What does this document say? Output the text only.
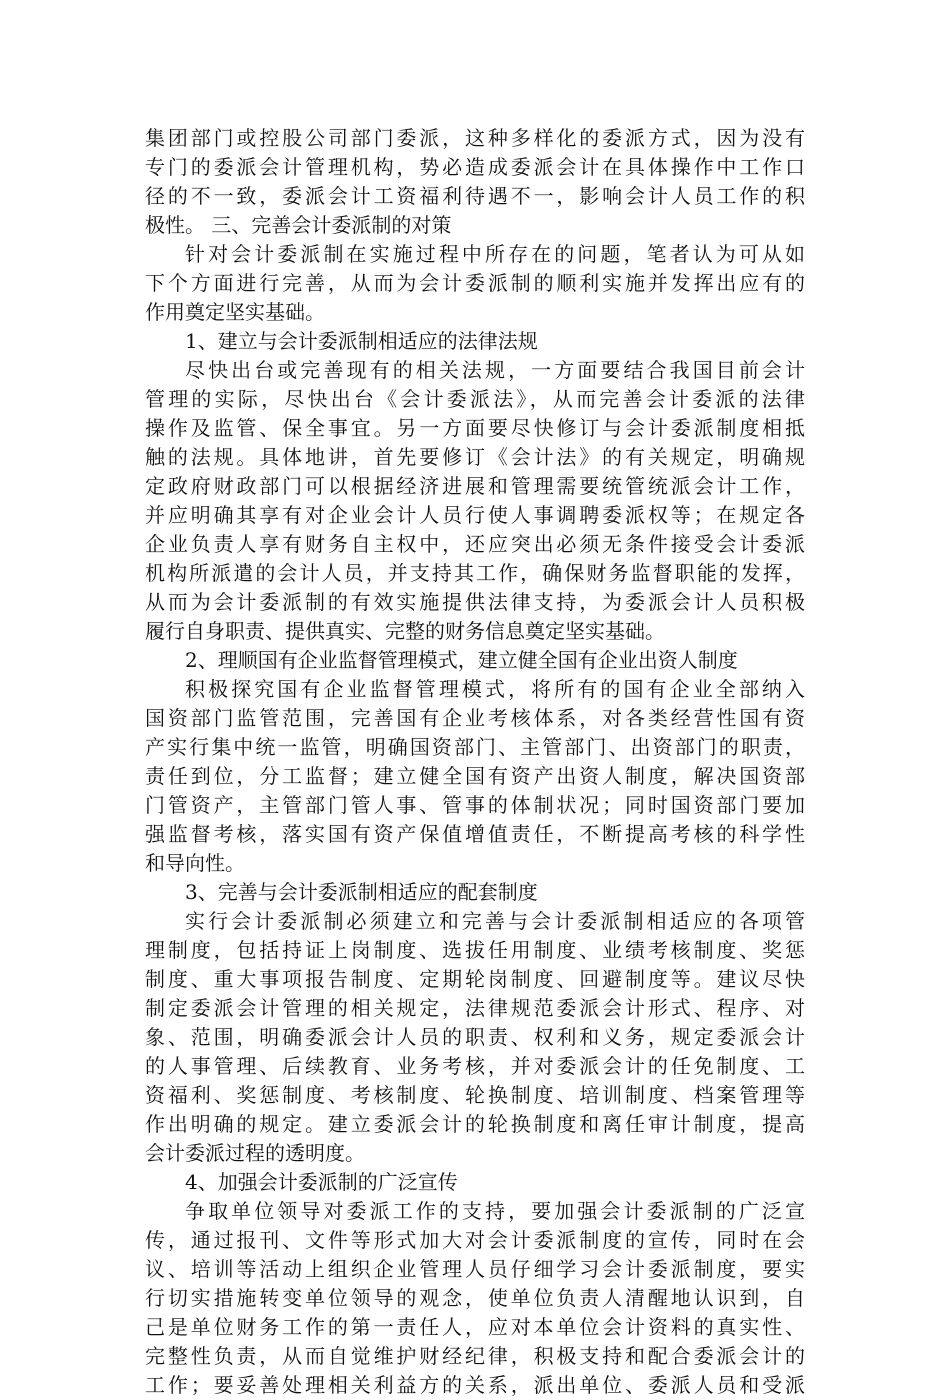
集团部门或控股公司部门委派，这种多样化的委派方式，因为没有
专门的委派会计管理机构，势必造成委派会计在具体操作中工作口
径的不一致，委派会计工资福利待遇不一，影响会计人员工作的积
极性。 三、完善会计委派制的对策
针对会计委派制在实施过程中所存在的问题，笔者认为可从如
下个方面进行完善，从而为会计委派制的顺利实施并发挥出应有的
作用奠定坚实基础。
1、建立与会计委派制相适应的法律法规
尽快出台或完善现有的相关法规，一方面要结合我国目前会计
管理的实际，尽快出台《会计委派法》，从而完善会计委派的法律
操作及监管、保全事宜。另一方面要尽快修订与会计委派制度相抵
触的法规。具体地讲，首先要修订《会计法》的有关规定，明确规
定政府财政部门可以根据经济进展和管理需要统管统派会计工作，
并应明确其享有对企业会计人员行使人事调聘委派权等；在规定各
企业负责人享有财务自主权中，还应突出必须无条件接受会计委派
机构所派遣的会计人员，并支持其工作，确保财务监督职能的发挥，
从而为会计委派制的有效实施提供法律支持，为委派会计人员积极
履行自身职责、提供真实、完整的财务信息奠定坚实基础。
2、理顺国有企业监督管理模式，建立健全国有企业出资人制度
积极探究国有企业监督管理模式，将所有的国有企业全部纳入
国资部门监管范围，完善国有企业考核体系，对各类经营性国有资
产实行集中统一监管，明确国资部门、主管部门、出资部门的职责，
责任到位，分工监督；建立健全国有资产出资人制度，解决国资部
门管资产，主管部门管人事、管事的体制状况；同时国资部门要加
强监督考核，落实国有资产保值增值责任，不断提高考核的科学性
和导向性。
3、完善与会计委派制相适应的配套制度
实行会计委派制必须建立和完善与会计委派制相适应的各项管
理制度，包括持证上岗制度、选拔任用制度、业绩考核制度、奖惩
制度、重大事项报告制度、定期轮岗制度、回避制度等。建议尽快
制定委派会计管理的相关规定，法律规范委派会计形式、程序、对
象、范围，明确委派会计人员的职责、权利和义务，规定委派会计
的人事管理、后续教育、业务考核，并对委派会计的任免制度、工
资福利、奖惩制度、考核制度、轮换制度、培训制度、档案管理等
作出明确的规定。建立委派会计的轮换制度和离任审计制度，提高
会计委派过程的透明度。
4、加强会计委派制的广泛宣传
争取单位领导对委派工作的支持，要加强会计委派制的广泛宣
传，通过报刊、文件等形式加大对会计委派制度的宣传，同时在会
议、培训等活动上组织企业管理人员仔细学习会计委派制度，要实
行切实措施转变单位领导的观念，使单位负责人清醒地认识到，自
己是单位财务工作的第一责任人，应对本单位会计资料的真实性、
完整性负责，从而自觉维护财经纪律，积极支持和配合委派会计的
工作；要妥善处理相关利益方的关系，派出单位、委派人员和受派
